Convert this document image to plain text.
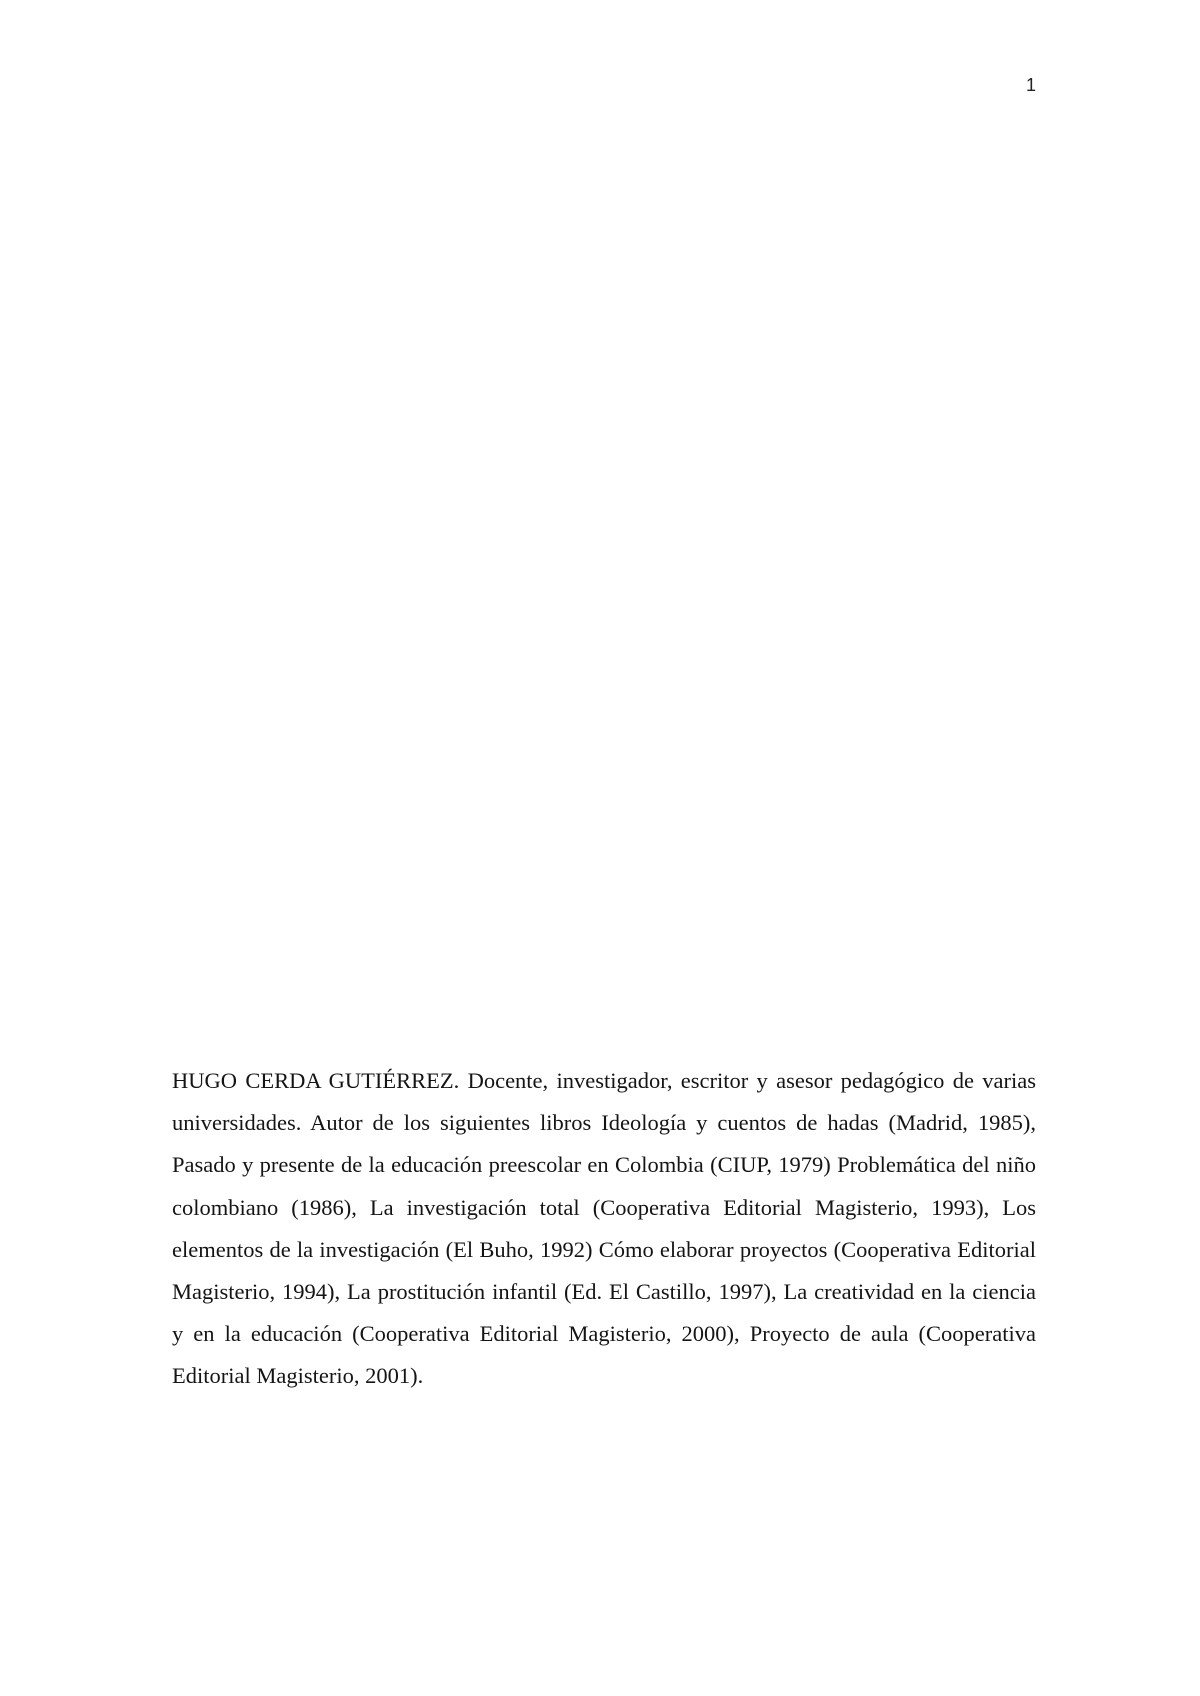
1

HUGO CERDA GUTIÉRREZ. Docente, investigador, escritor y asesor pedagógico de varias universidades. Autor de los siguientes libros Ideología y cuentos de hadas (Madrid, 1985), Pasado y presente de la educación preescolar en Colombia (CIUP, 1979) Problemática del niño colombiano (1986), La investigación total (Cooperativa Editorial Magisterio, 1993), Los elementos de la investigación (El Buho, 1992) Cómo elaborar proyectos (Cooperativa Editorial Magisterio, 1994), La prostitución infantil (Ed. El Castillo, 1997), La creatividad en la ciencia y en la educación (Cooperativa Editorial Magisterio, 2000), Proyecto de aula (Cooperativa Editorial Magisterio, 2001).
